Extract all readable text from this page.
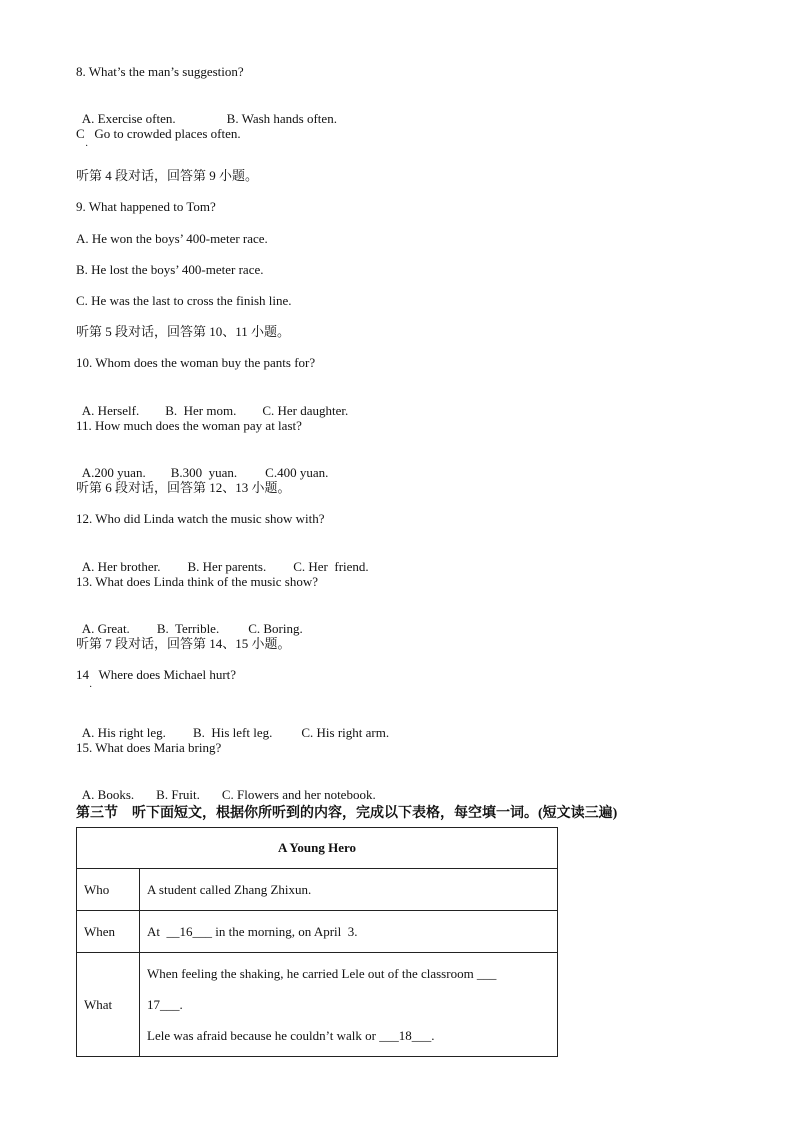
8. What’s the man’s suggestion?

A. Exercise often.	B. Wash hands often.

C   Go to crowded places often.
·
听第 4 段对话，回答第 9 小题。
9. What happened to Tom?
A. He won the boys’ 400-meter race.
B. He lost the boys’ 400-meter race.
C. He was the last to cross the finish line.
听第 5 段对话，回答第 10、11 小题。
10. Whom does the woman buy the pants for?

A. Herself. B.  Her mom. C. Her daughter.

11. How much does the woman pay at last?

A.200 yuan. B.300  yuan. C.400 yuan.

听第 6 段对话，回答第 12、13 小题。
12. Who did Linda watch the music show with?

A. Her brother. B. Her parents. C. Her  friend.

13. What does Linda think of the music show?

A. Great. B.  Terrible. C. Boring.

听第 7 段对话，回答第 14、15 小题。
14   Where does Michael hurt?
·

A. His right leg. B.  His left leg. C. His right arm.

15. What does Maria bring?

A. Books. B. Fruit. C. Flowers and her notebook.

第三节    听下面短文，根据你所听到的内容，完成以下表格，每空填一词。(短文读三遍)
A Young Hero	
Who	A student called Zhang Zhixun.
When	At  __16___ in the morning, on April  3.
What	When feeling the shaking, he carried Lele out of the classroom ___
17___.
Lele was afraid because he couldn’t walk or ___18___.
